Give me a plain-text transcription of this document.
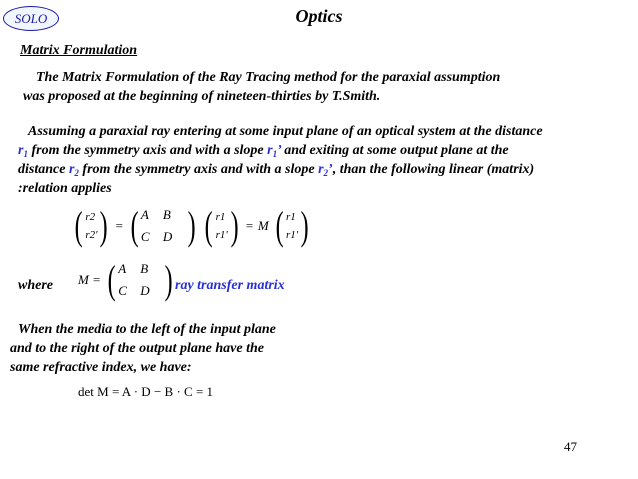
SOLO	Optics
Matrix Formulation
The Matrix Formulation of the Ray Tracing method for the paraxial assumption
was proposed at the beginning of nineteen-thirties by T.Smith.
Assuming a paraxial ray entering at some input plane of an optical system at the distance
$r_1$ from the symmetry axis and with a slope $r_1$’ and exiting at some output plane at the
distance $r_2$ from the symmetry axis and with a slope $r_2$’, than the following linear (matrix)
:relation applies
( r2
r2' ) = ( A	B
C	D ) ( r1
r1' ) = M ( r1
r1' )
where M = ( A	B
C	D ) ray transfer matrix
When the media to the left of the input plane
and to the right of the output plane have the
same refractive index, we have:
det M = A · D − B · C = 1
47
